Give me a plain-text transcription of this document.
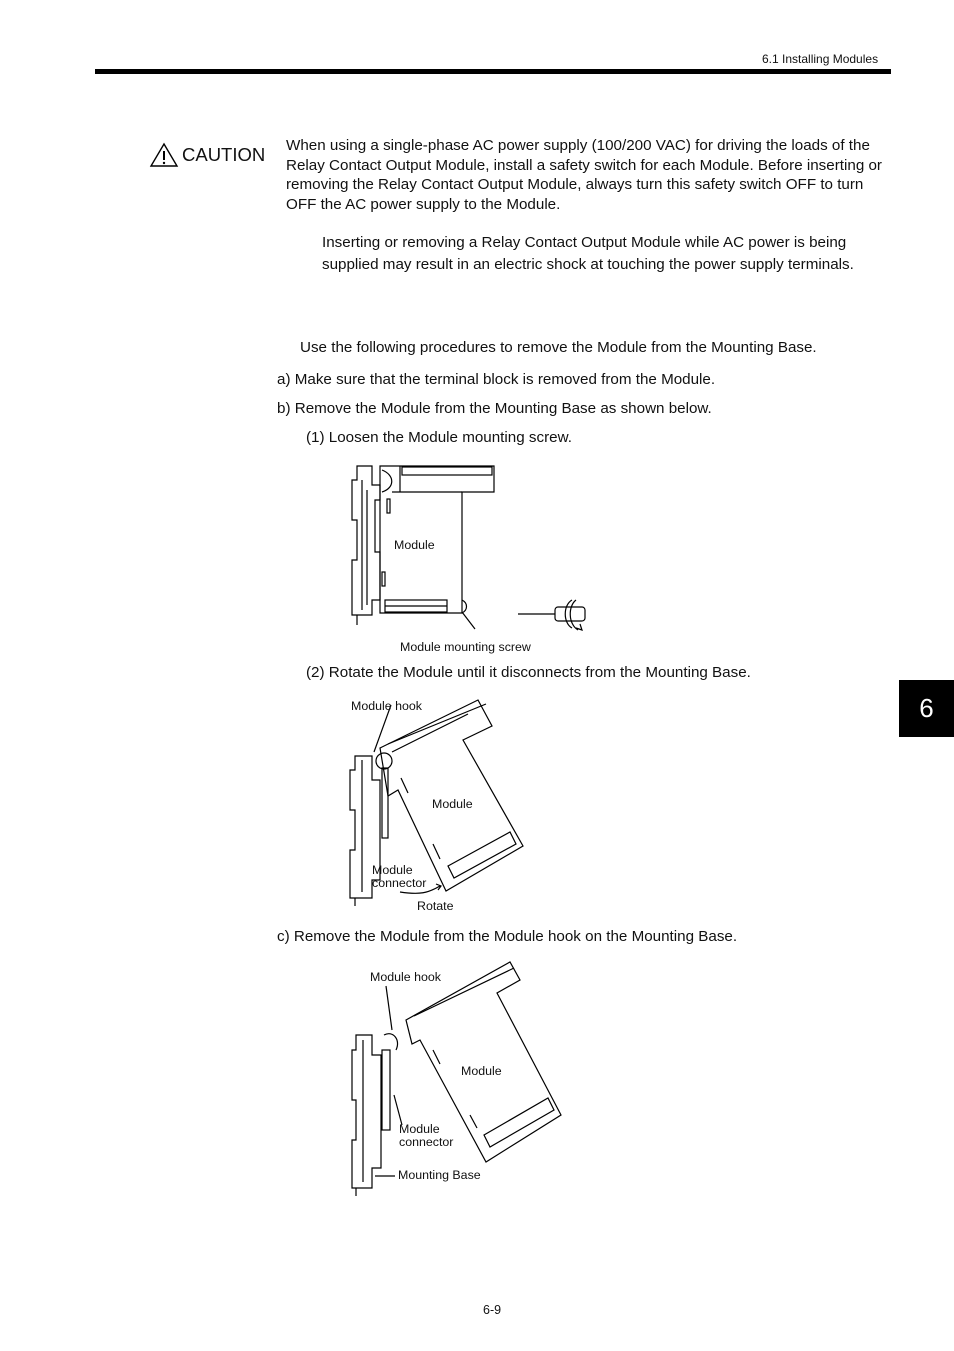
6.1 Installing Modules
CAUTION When using a single-phase AC power supply (100/200 VAC) for driving the loads of the Relay Contact Output Module, install a safety switch for each Module. Before inserting or removing the Relay Contact Output Module, always turn this safety switch OFF to turn OFF the AC power supply to the Module.
Inserting or removing a Relay Contact Output Module while AC power is being supplied may result in an electric shock at touching the power supply terminals.
Use the following procedures to remove the Module from the Mounting Base.
a) Make sure that the terminal block is removed from the Module.
b) Remove the Module from the Mounting Base as shown below.
(1) Loosen the Module mounting screw.
Module
Module mounting screw
(2) Rotate the Module until it disconnects from the Mounting Base.
Module hook
Module
Module
connector
Rotate
c) Remove the Module from the Module hook on the Mounting Base.
Module hook
Module
Module
connector
Mounting Base
6
6-9
